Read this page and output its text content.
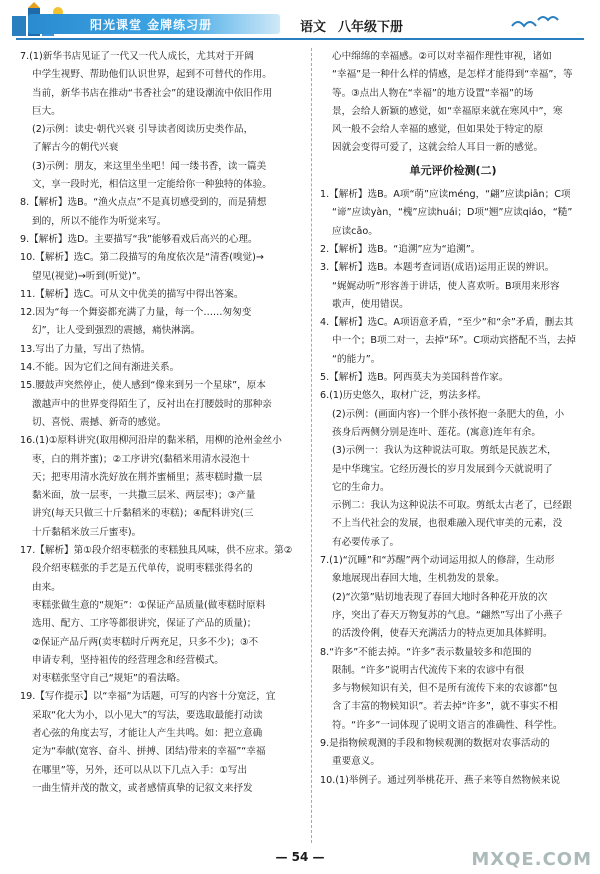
阳光课堂 金牌练习册	语文 八年级下册

7.(1)新华书店见证了一代又一代人成长，尤其对于开阔

中学生视野、帮助他们认识世界，起到不可替代的作用。

当前，新华书店在推动“书香社会”的建设潮流中依旧作用

巨大。

(2)示例：读史·朝代兴衰 引导读者阅读历史类作品，

了解古今的朝代兴衰

(3)示例：朋友，来这里坐坐吧！闻一缕书香，读一篇美

文，享一段时光，相信这里一定能给你一种独特的体验。

8.【解析】选B。“渔火点点”不是真切感受到的，而是猜想

到的，所以不能作为听觉来写。

9.【解析】选D。主要描写“我”能够看戏后高兴的心理。

10.【解析】选C。第二段描写的角度依次是“清香(嗅觉)→

望见(视觉)→听到(听觉)”。

11.【解析】选C。可从文中优美的描写中得出答案。

12.因为“每一个舞姿都充满了力量，每一个……匆匆变

幻”，让人受到强烈的震撼，痛快淋漓。

13.写出了力量，写出了热情。

14.不能。因为它们之间有渐进关系。

15.腰鼓声突然停止，使人感到“像来到另一个星球”，原本

激越声中的世界变得陌生了，反衬出在打腰鼓时的那种亲

切、喜悦、震撼、新奇的感觉。

16.(1)①原料讲究(取用柳河沿岸的黏米稻，用柳的沧州金丝小

枣，白的荆芥蜜)；②工序讲究(黏稻米用清水浸泡十

天；把枣用清水洗好放在荆芥蜜桶里；蒸枣糕时撒一层

黏米面，放一层枣，一共撒三层米、两层枣)；③产量

讲究(每天只做三十斤黏稻米的枣糕)；④配料讲究(三

十斤黏稻米放三斤蜜枣)。

17.【解析】第①段介绍枣糕张的枣糕独具风味，供不应求。第②

段介绍枣糕张的手艺是五代单传，说明枣糕张得名的

由来。

枣糕张做生意的“规矩”：①保证产品质量(做枣糕时原料

选用、配方、工序等都很讲究，保证了产品的质量)；

②保证产品斤两(卖枣糕时斤两充足，只多不少)；③不

申请专利，坚持祖传的经营理念和经营模式。

对枣糕张坚守自己“规矩”的看法略。

19.【写作提示】以“幸福”为话题，可写的内容十分宽泛，宜

采取“化大为小，以小见大”的写法，要选取最能打动读

者心弦的角度去写，才能让人产生共鸣。如：把立意确

定为“奉献(宽容、奋斗、拼搏、团结)带来的幸福”“幸福

在哪里”等，另外，还可以从以下几点入手：①写出

一曲生情并茂的散文，或者感情真挚的记叙文来抒发

心中绵绵的幸福感。②可以对幸福作理性审视，诸如

“幸福”是一种什么样的情感，是怎样才能得到“幸福”，等

等。③点出人物在“幸福”的地方设置“幸福”的场

景，会给人新颖的感觉，如“幸福原来就在寒风中”，寒

风一般不会给人幸福的感觉，但如果处于特定的原

因就会变得可爱了，这就会给人耳目一新的感觉。

单元评价检测(二)

1.【解析】选B。A项“萌”应读méng，“翩”应读piān；C项

“谛”应读yàn，“槐”应读huái；D项“翘”应读qiáo，“糙”

应读cāo。

2.【解析】选B。“追溯”应为“追溯”。

3.【解析】选B。本题考查词语(成语)运用正误的辨识。

“娓娓动听”形容善于讲话，使人喜欢听。B项用来形容

歌声，使用错误。

4.【解析】选C。A项语意矛盾，“至少”和“余”矛盾，删去其

中一个；B项二对一，去掉“环”。C项动宾搭配不当，去掉

“的能力”。

5.【解析】选B。阿西莫夫为美国科普作家。

6.(1)历史悠久，取材广泛，剪法多样。

(2)示例：(画面内容)一个胖小孩怀抱一条肥大的鱼，小

孩身后两侧分别是连叶、莲花。(寓意)连年有余。

(3)示例一：我认为这种说法可取。剪纸是民族艺术，

是中华瑰宝。它经历漫长的岁月发展到今天就说明了

它的生命力。

示例二：我认为这种说法不可取。剪纸太古老了，已经跟

不上当代社会的发展，也很难融入现代审美的元素，没

有必要传承了。

7.(1)“沉睡”和“苏醒”两个动词运用拟人的修辞，生动形

象地展现出春回大地，生机勃发的景象。

(2)“次第”贴切地表现了春回大地时各种花开放的次

序，突出了春天万物复苏的气息。“翩然”写出了小燕子

的活泼伶俐，使春天充满活力的特点更加具体鲜明。

8.“许多”不能去掉。“许多”表示数量较多和范围的

限制。“许多”说明古代流传下来的农谚中有很

多与物候知识有关，但不是所有流传下来的农谚都“包

含了丰富的物候知识”。若去掉“许多”，就不事实不相

符。“许多”一词体现了说明文语言的准确性、科学性。

9.是指物候观测的手段和物候观测的数据对农事活动的

重要意义。

10.(1)举例子。通过列举桃花开、燕子来等自然物候来说

— 54 —	MXQE.COM
